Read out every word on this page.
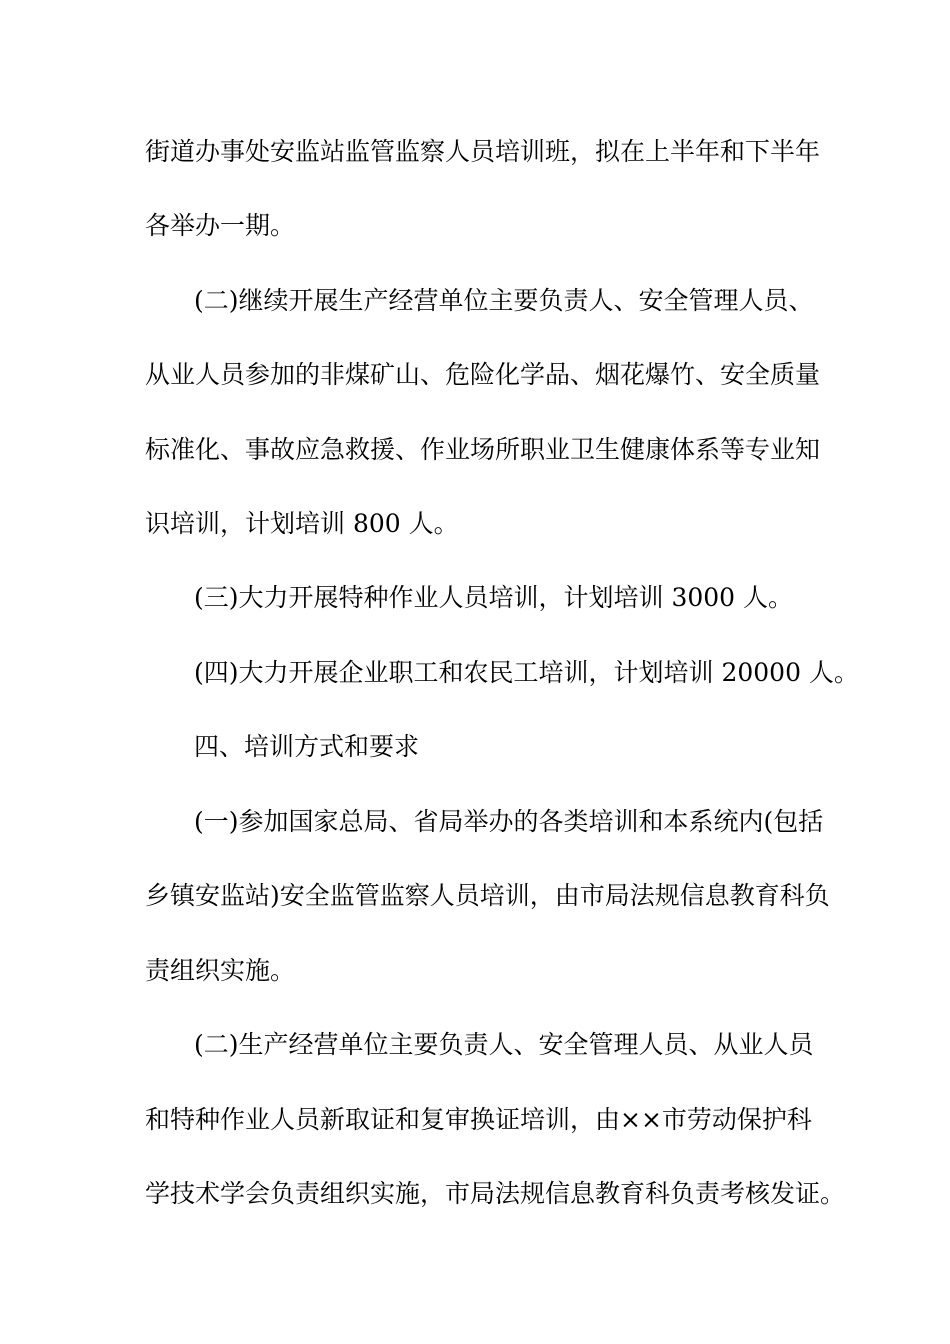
街道办事处安监站监管监察人员培训班，拟在上半年和下半年
各举办一期。
(二)继续开展生产经营单位主要负责人、安全管理人员、
从业人员参加的非煤矿山、危险化学品、烟花爆竹、安全质量
标准化、事故应急救援、作业场所职业卫生健康体系等专业知
识培训，计划培训 800 人。
(三)大力开展特种作业人员培训，计划培训 3000 人。
(四)大力开展企业职工和农民工培训，计划培训 20000 人。
四、培训方式和要求
(一)参加国家总局、省局举办的各类培训和本系统内(包括
乡镇安监站)安全监管监察人员培训，由市局法规信息教育科负
责组织实施。
(二)生产经营单位主要负责人、安全管理人员、从业人员
和特种作业人员新取证和复审换证培训，由××市劳动保护科
学技术学会负责组织实施，市局法规信息教育科负责考核发证。
